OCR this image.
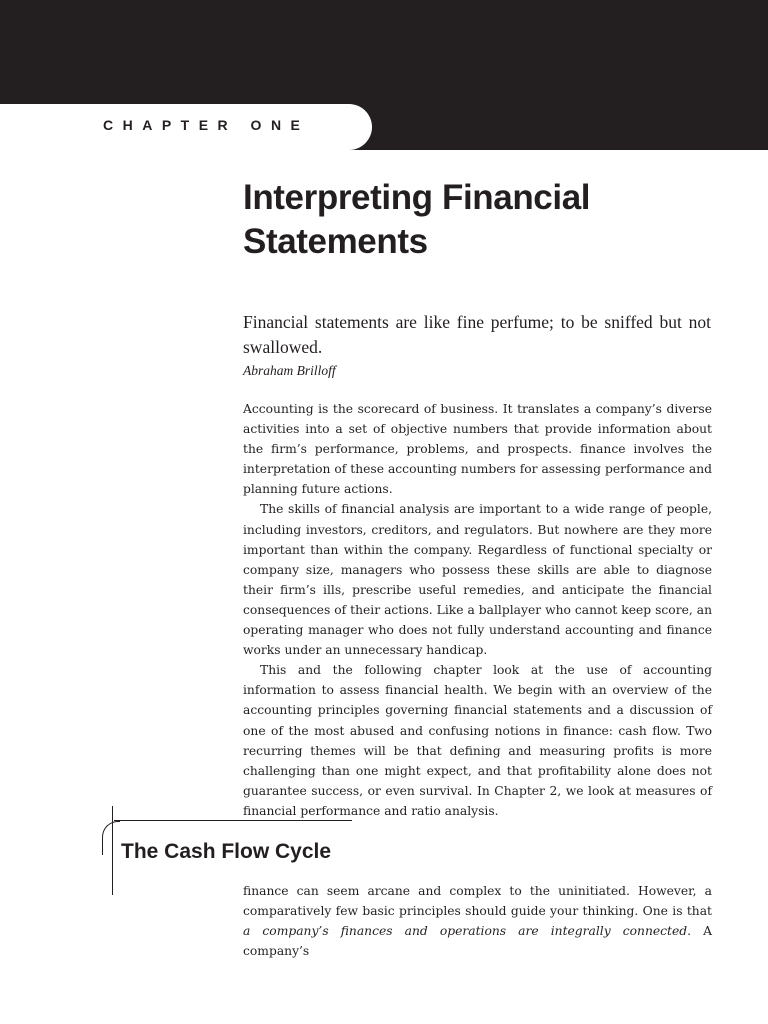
CHAPTER ONE
Interpreting Financial Statements
Financial statements are like fine perfume; to be sniffed but not swallowed.
Abraham Brilloff

Accounting is the scorecard of business. It translates a company’s diverse activities into a set of objective numbers that provide information about the firm’s performance, problems, and prospects. finance involves the interpretation of these accounting numbers for assessing performance and planning future actions.

The skills of financial analysis are important to a wide range of people, including investors, creditors, and regulators. But nowhere are they more important than within the company. Regardless of functional specialty or company size, managers who possess these skills are able to diagnose their firm’s ills, prescribe useful remedies, and anticipate the financial consequences of their actions. Like a ballplayer who cannot keep score, an operating manager who does not fully understand accounting and finance works under an unnecessary handicap.

This and the following chapter look at the use of accounting information to assess financial health. We begin with an overview of the accounting principles governing financial statements and a discussion of one of the most abused and confusing notions in finance: cash flow. Two recurring themes will be that defining and measuring profits is more challenging than one might expect, and that profitability alone does not guarantee success, or even survival. In Chapter 2, we look at measures of financial performance and ratio analysis.

The Cash Flow Cycle

finance can seem arcane and complex to the uninitiated. However, a comparatively few basic principles should guide your thinking. One is that a company’s finances and operations are integrally connected. A company’s
